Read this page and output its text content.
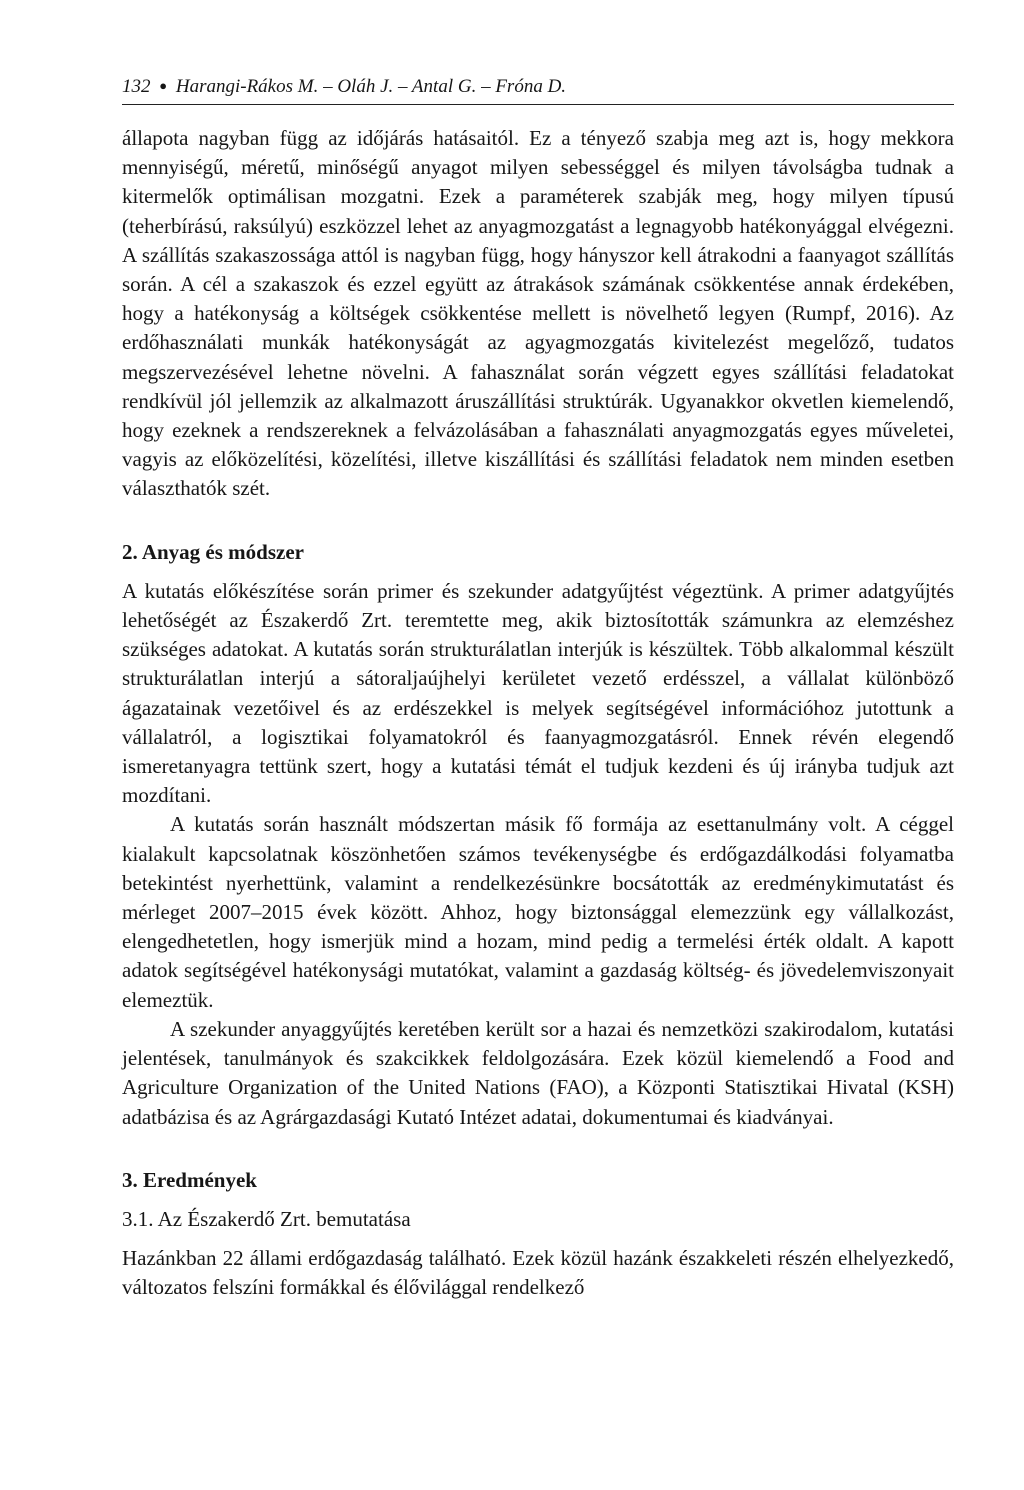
132 ● Harangi-Rákos M. – Oláh J. – Antal G. – Fróna D.

állapota nagyban függ az időjárás hatásaitól. Ez a tényező szabja meg azt is, hogy mekkora mennyiségű, méretű, minőségű anyagot milyen sebességgel és milyen távolságba tudnak a kitermelők optimálisan mozgatni. Ezek a paraméterek szabják meg, hogy milyen típusú (teherbírású, raksúlyú) eszközzel lehet az anyagmozgatást a legnagyobb hatékonyággal elvégezni. A szállítás szakaszossága attól is nagyban függ, hogy hányszor kell átrakodni a faanyagot szállítás során. A cél a szakaszok és ezzel együtt az átrakások számának csökkentése annak érdekében, hogy a hatékonyság a költségek csökkentése mellett is növelhető legyen (Rumpf, 2016). Az erdőhasználati munkák hatékonyságát az agyagmozgatás kivitelezést megelőző, tudatos megszervezésével lehetne növelni. A fahasználat során végzett egyes szállítási feladatokat rendkívül jól jellemzik az alkalmazott áruszállítási struktúrák. Ugyanakkor okvetlen kiemelendő, hogy ezeknek a rendszereknek a felvázolásában a fahasználati anyagmozgatás egyes műveletei, vagyis az előközelítési, közelítési, illetve kiszállítási és szállítási feladatok nem minden esetben választhatók szét.

2. Anyag és módszer

A kutatás előkészítése során primer és szekunder adatgyűjtést végeztünk. A primer adatgyűjtés lehetőségét az Északerdő Zrt. teremtette meg, akik biztosították számunkra az elemzéshez szükséges adatokat. A kutatás során strukturálatlan interjúk is készültek. Több alkalommal készült strukturálatlan interjú a sátoraljaújhelyi kerületet vezető erdésszel, a vállalat különböző ágazatainak vezetőivel és az erdészekkel is melyek segítségével információhoz jutottunk a vállalatról, a logisztikai folyamatokról és faanyagmozgatásról. Ennek révén elegendő ismeretanyagra tettünk szert, hogy a kutatási témát el tudjuk kezdeni és új irányba tudjuk azt mozdítani.

A kutatás során használt módszertan másik fő formája az esettanulmány volt. A céggel kialakult kapcsolatnak köszönhetően számos tevékenységbe és erdőgazdálkodási folyamatba betekintést nyerhettünk, valamint a rendelkezésünkre bocsátották az eredménykimutatást és mérleget 2007–2015 évek között. Ahhoz, hogy biztonsággal elemezzünk egy vállalkozást, elengedhetetlen, hogy ismerjük mind a hozam, mind pedig a termelési érték oldalt. A kapott adatok segítségével hatékonysági mutatókat, valamint a gazdaság költség- és jövedelemviszonyait elemeztük.

A szekunder anyaggyűjtés keretében került sor a hazai és nemzetközi szakirodalom, kutatási jelentések, tanulmányok és szakcikkek feldolgozására. Ezek közül kiemelendő a Food and Agriculture Organization of the United Nations (FAO), a Központi Statisztikai Hivatal (KSH) adatbázisa és az Agrárgazdasági Kutató Intézet adatai, dokumentumai és kiadványai.

3. Eredmények
3.1. Az Északerdő Zrt. bemutatása

Hazánkban 22 állami erdőgazdaság található. Ezek közül hazánk északkeleti részén elhelyezkedő, változatos felszíni formákkal és élővilággal rendelkező
